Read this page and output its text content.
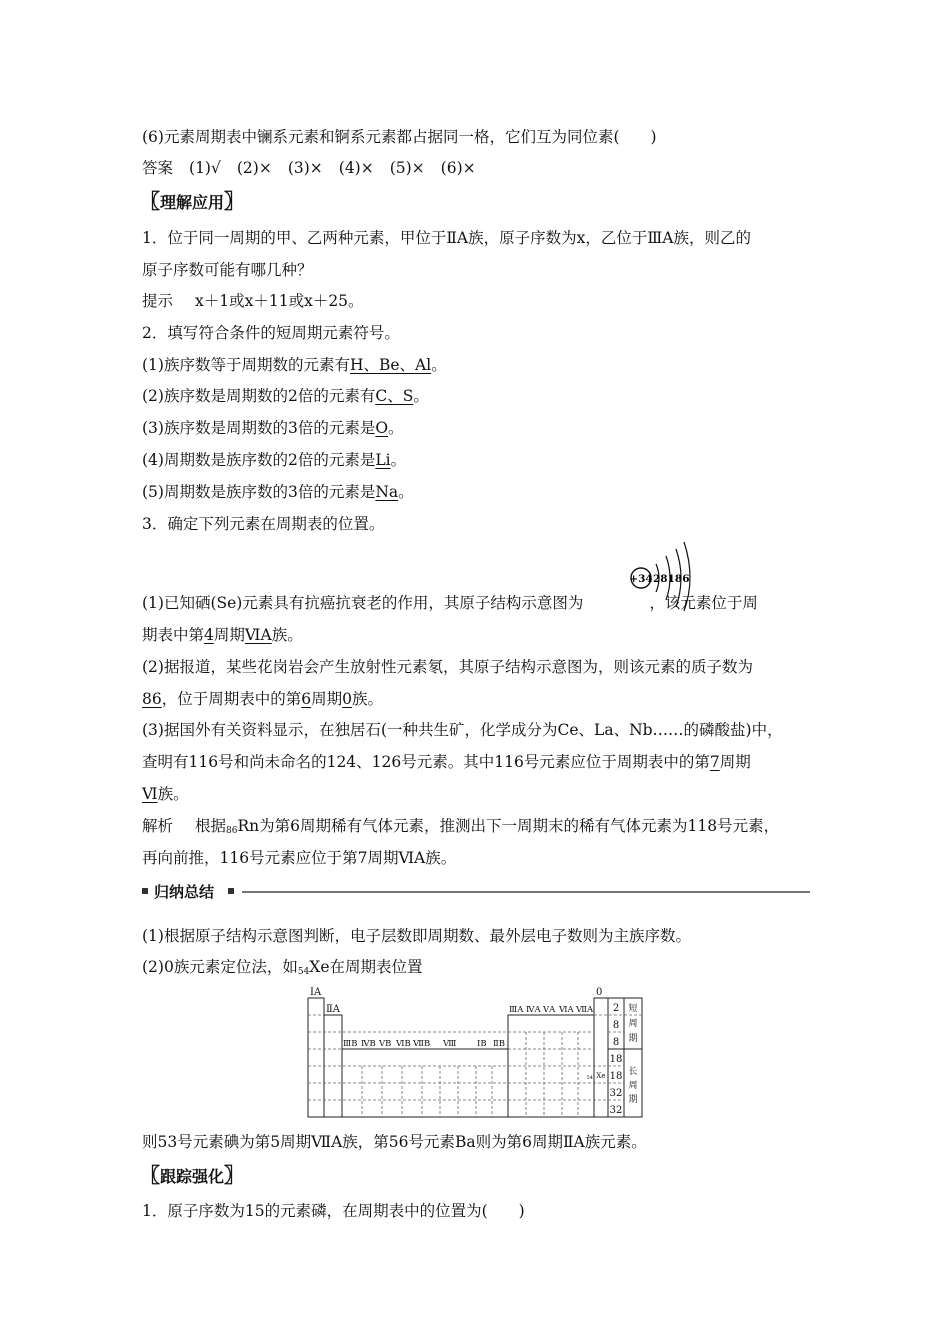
(6)元素周期表中镧系元素和锕系元素都占据同一格，它们互为同位素(　　)
答案 (1)√ (2)× (3)× (4)× (5)× (6)×
〖理解应用〗
1．位于同一周期的甲、乙两种元素，甲位于ⅡA族，原子序数为x，乙位于ⅢA族，则乙的
原子序数可能有哪几种？
提示 x＋1或x＋11或x＋25。
2．填写符合条件的短周期元素符号。
(1)族序数等于周期数的元素有H、Be、Al。
(2)族序数是周期数的2倍的元素有C、S。
(3)族序数是周期数的3倍的元素是O。
(4)周期数是族序数的2倍的元素是Li。
(5)周期数是族序数的3倍的元素是Na。
3．确定下列元素在周期表的位置。
+34 28186
(1)已知硒(Se)元素具有抗癌抗衰老的作用，其原子结构示意图为	，该元素位于周
期表中第4周期ⅥA族。
(2)据报道，某些花岗岩会产生放射性元素氡，其原子结构示意图为，则该元素的质子数为
86，位于周期表中的第6周期0族。
(3)据国外有关资料显示，在独居石(一种共生矿，化学成分为Ce、La、Nb……的磷酸盐)中，
查明有116号和尚未命名的124、126号元素。其中116号元素应位于周期表中的第7周期
Ⅵ族。
解析 根据$_{86}$Rn为第6周期稀有气体元素，推测出下一周期末的稀有气体元素为118号元素，
再向前推，116号元素应位于第7周期ⅥA族。
归纳总结
(1)根据原子结构示意图判断，电子层数即周期数、最外层电子数则为主族序数。
(2)0族元素定位法，如$_{54}$Xe在周期表位置
ⅠA
ⅡA
0
ⅢA ⅣA ⅤA ⅥA ⅦA
ⅢB ⅣB ⅤB ⅥB ⅦB Ⅷ ⅠB ⅡB
2
8
8
18
18
32
32
短
周
期
长
周
期
54 Xe
则53号元素碘为第5周期ⅦA族，第56号元素Ba则为第6周期ⅡA族元素。
〖跟踪强化〗
1．原子序数为15的元素磷，在周期表中的位置为(　　)
